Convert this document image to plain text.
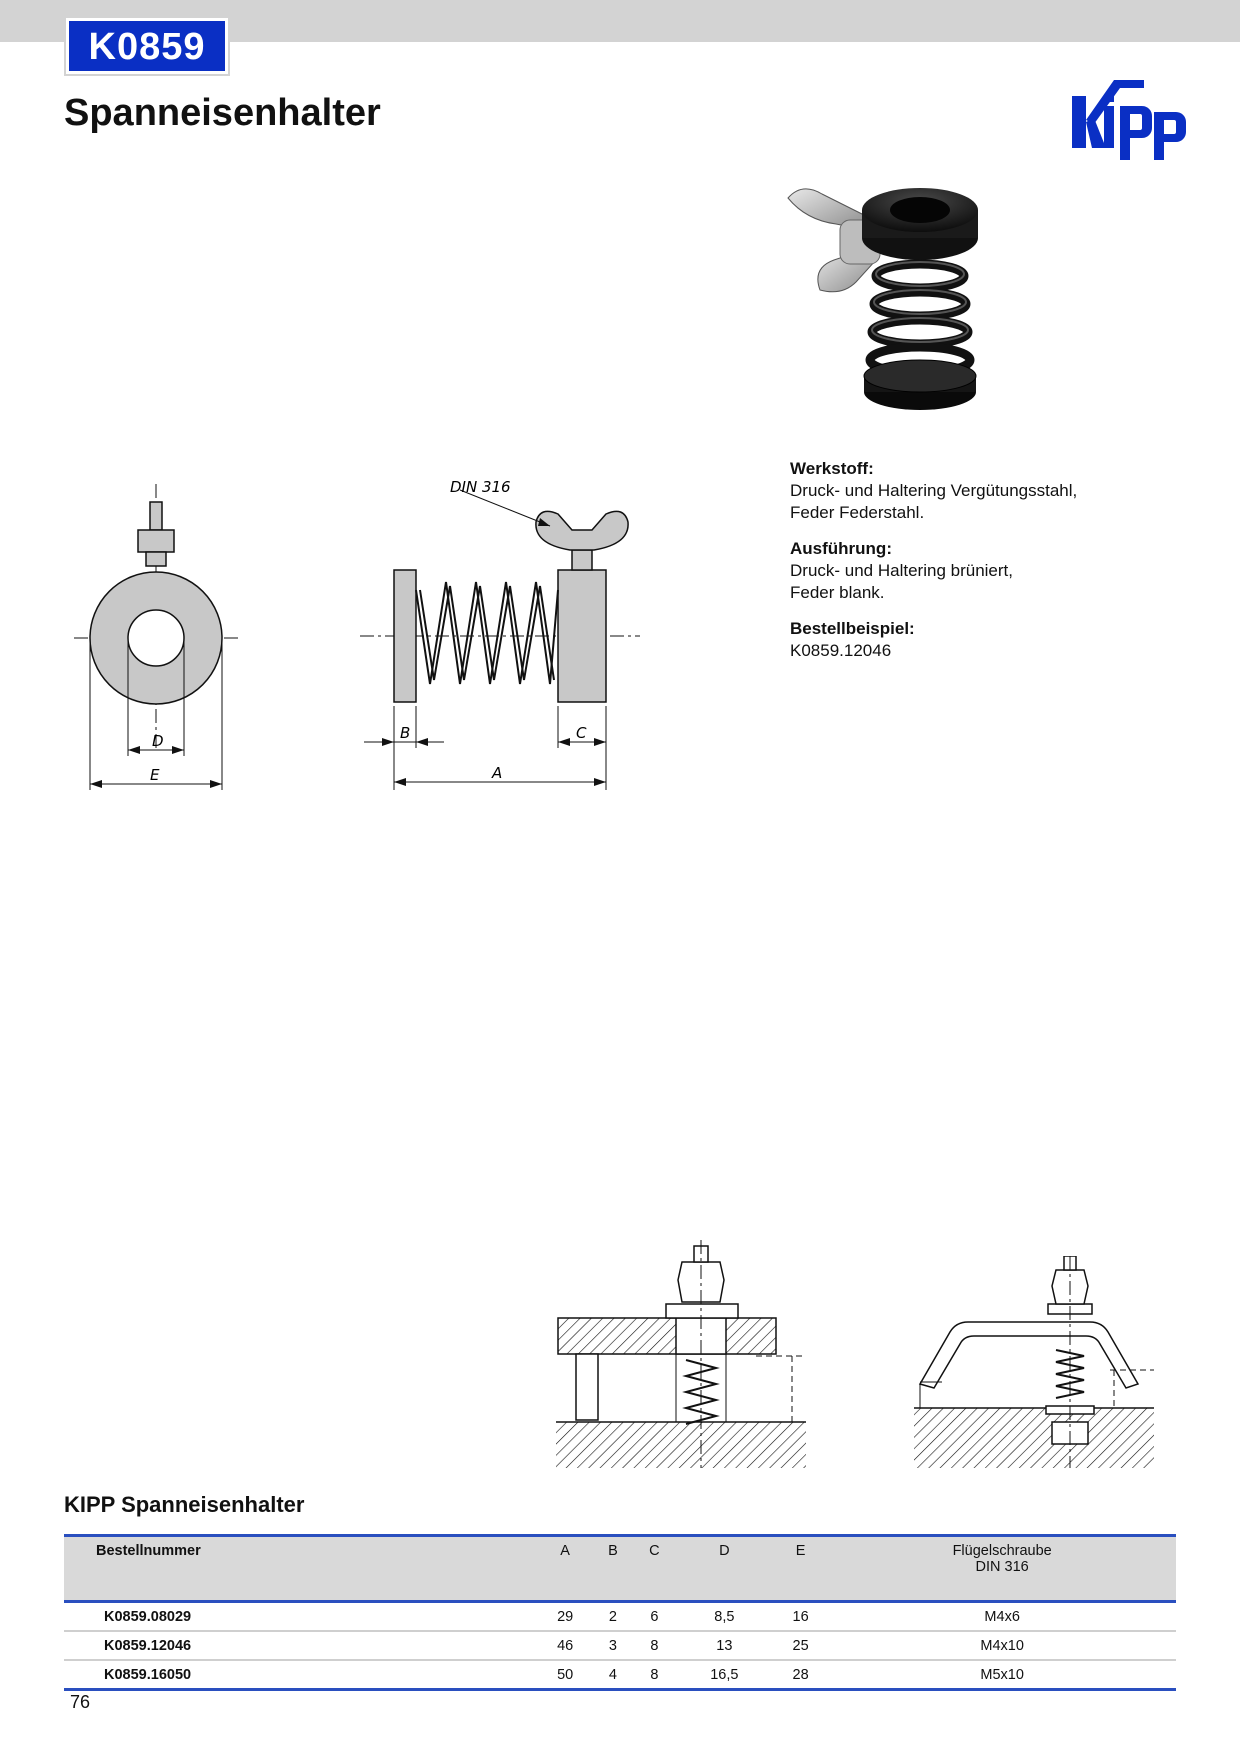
K0859
Spanneisenhalter
Werkstoff:
Druck- und Haltering Vergütungsstahl,
Feder Federstahl.
Ausführung:
Druck- und Haltering brüniert,
Feder blank.
Bestellbeispiel:
K0859.12046
D
E
DIN 316
B	C
A
KIPP Spanneisenhalter
Bestellnummer	A	B	C	D	E	Flügelschraube
DIN 316

K0859.08029	29	2	6	8,5	16	M4x6
K0859.12046	46	3	8	13	25	M4x10
K0859.16050	50	4	8	16,5	28	M5x10
76
